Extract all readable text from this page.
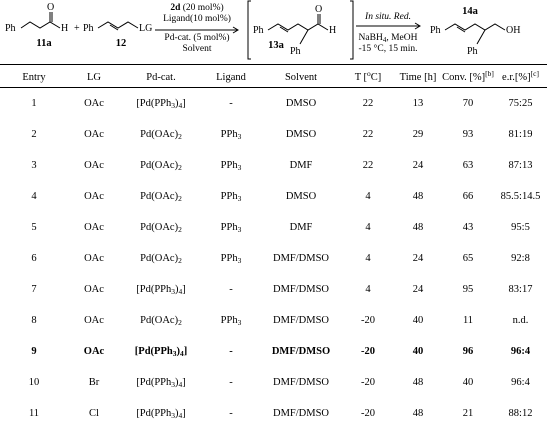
Ph
O
H + Ph	LG	Ph
O
H
Ph
Ph	OH
Ph
11a	12	13a
14a
2d (20 mol%)
Ligand(10 mol%)
Pd-cat. (5 mol%)
Solvent
In situ. Red.
NaBH$_4$, MeOH
-15 °C, 15 min.
Entry	LG	Pd-cat.	Ligand	Solvent	T [$^o$C]	Time [h]	Conv. [%][b]	e.r.[%][c]
1	OAc	$[Pd(PPh_3)_4]$	-	DMSO	22	13	70	75:25
2	OAc	$Pd(OAc)_2$	PPh$_3$	DMSO	22	29	93	81:19
3	OAc	$Pd(OAc)_2$	PPh$_3$	DMF	22	24	63	87:13
4	OAc	$Pd(OAc)_2$	PPh$_3$	DMSO	4	48	66	85.5:14.5
5	OAc	$Pd(OAc)_2$	PPh$_3$	DMF	4	48	43	95:5
6	OAc	$Pd(OAc)_2$	PPh$_3$	DMF/DMSO	4	24	65	92:8
7	OAc	$[Pd(PPh_3)_4]$	-	DMF/DMSO	4	24	95	83:17
8	OAc	$Pd(OAc)_2$	PPh$_3$	DMF/DMSO	-20	40	11	n.d.
9	OAc	$[Pd(PPh_3)_4]$	-	DMF/DMSO	-20	40	96	96:4
10	Br	$[Pd(PPh_3)_4]$	-	DMF/DMSO	-20	48	40	96:4
11	Cl	$[Pd(PPh_3)_4]$	-	DMF/DMSO	-20	48	21	88:12
